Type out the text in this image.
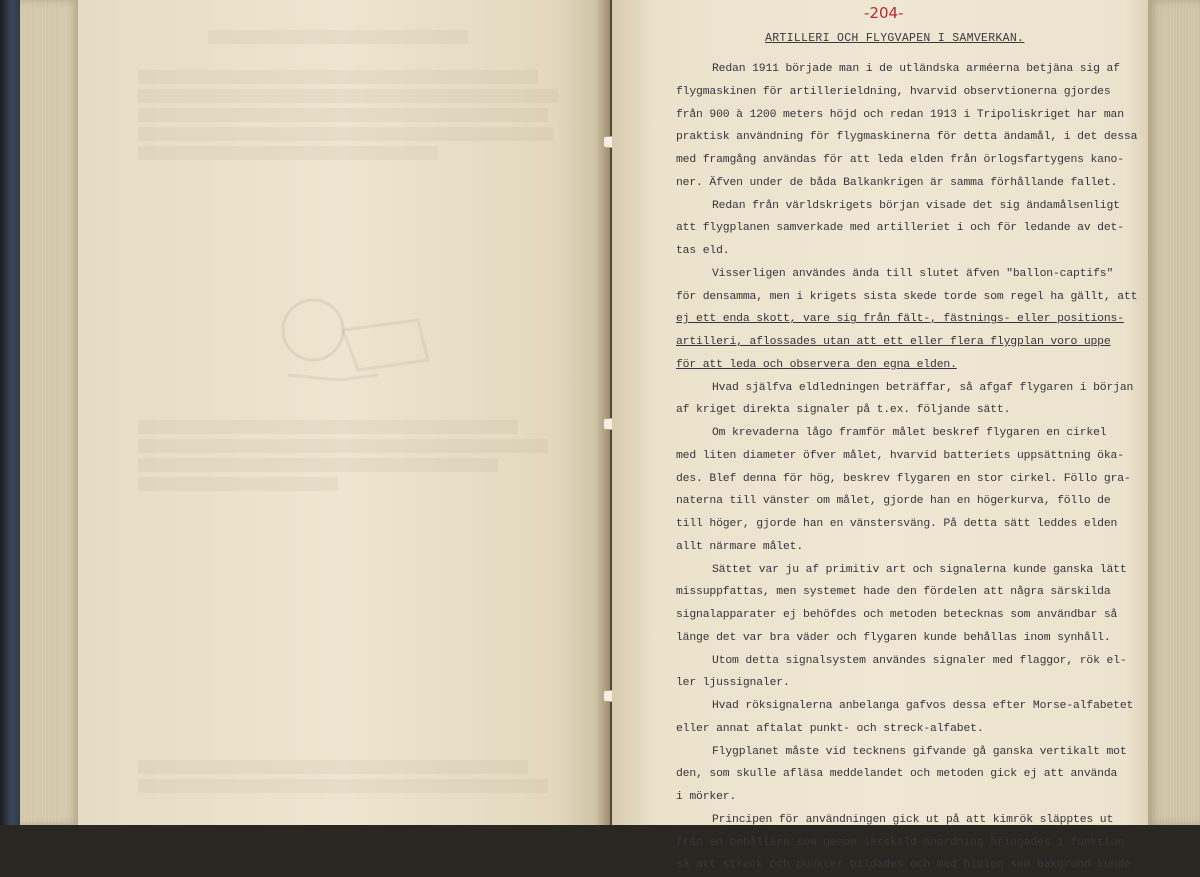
-204-
ARTILLERI OCH FLYGVAPEN I SAMVERKAN.
Redan 1911 började man i de utländska arméerna betjäna sig af
flygmaskinen för artillerieldning, hvarvid observtionerna gjordes
från 900 à 1200 meters höjd och redan 1913 i Tripoliskriget har man
praktisk användning för flygmaskinerna för detta ändamål, i det dessa
med framgång användas för att leda elden från örlogsfartygens kano-
ner. Äfven under de båda Balkankrigen är samma förhållande fallet.
Redan från världskrigets början visade det sig ändamålsenligt
att flygplanen samverkade med artilleriet i och för ledande av det-
tas eld.
Visserligen användes ända till slutet äfven "ballon-captifs"
för densamma, men i krigets sista skede torde som regel ha gällt, att
ej ett enda skott, vare sig från fält-, fästnings- eller positions-
artilleri, aflossades utan att ett eller flera flygplan voro uppe
för att leda och observera den egna elden.
Hvad själfva eldledningen beträffar, så afgaf flygaren i början
af kriget direkta signaler på t.ex. följande sätt.
Om krevaderna lågo framför målet beskref flygaren en cirkel
med liten diameter öfver målet, hvarvid batteriets uppsättning ökа-
des. Blef denna för hög, beskrev flygaren en stor cirkel. Föllo gra-
naterna till vänster om målet, gjorde han en högerkurva, föllo de
till höger, gjorde han en vänstersväng. På detta sätt leddes elden
allt närmare målet.
Sättet var ju af primitiv art och signalerna kunde ganska lätt
missuppfattas, men systemet hade den fördelen att några särskilda
signalapparater ej behöfdes och metoden betecknas som användbar så
länge det var bra väder och flygaren kunde behållas inom synhåll.
Utom detta signalsystem användes signaler med flaggor, rök el-
ler ljussignaler.
Hvad röksignalerna anbelanga gafvos dessa efter Morse-alfabetet
eller annat aftalat punkt- och streck-alfabet.
Flygplanet måste vid tecknens gifvande gå ganska vertikalt mot
den, som skulle afläsa meddelandet och metoden gick ej att använda
i mörker.
Principen för användningen gick ut på att kimrök släpptes ut
från en behållare som genom särskild anordning bringades i funktion
så att streck och punkter bildades och med himlen som bakgrund kunde
